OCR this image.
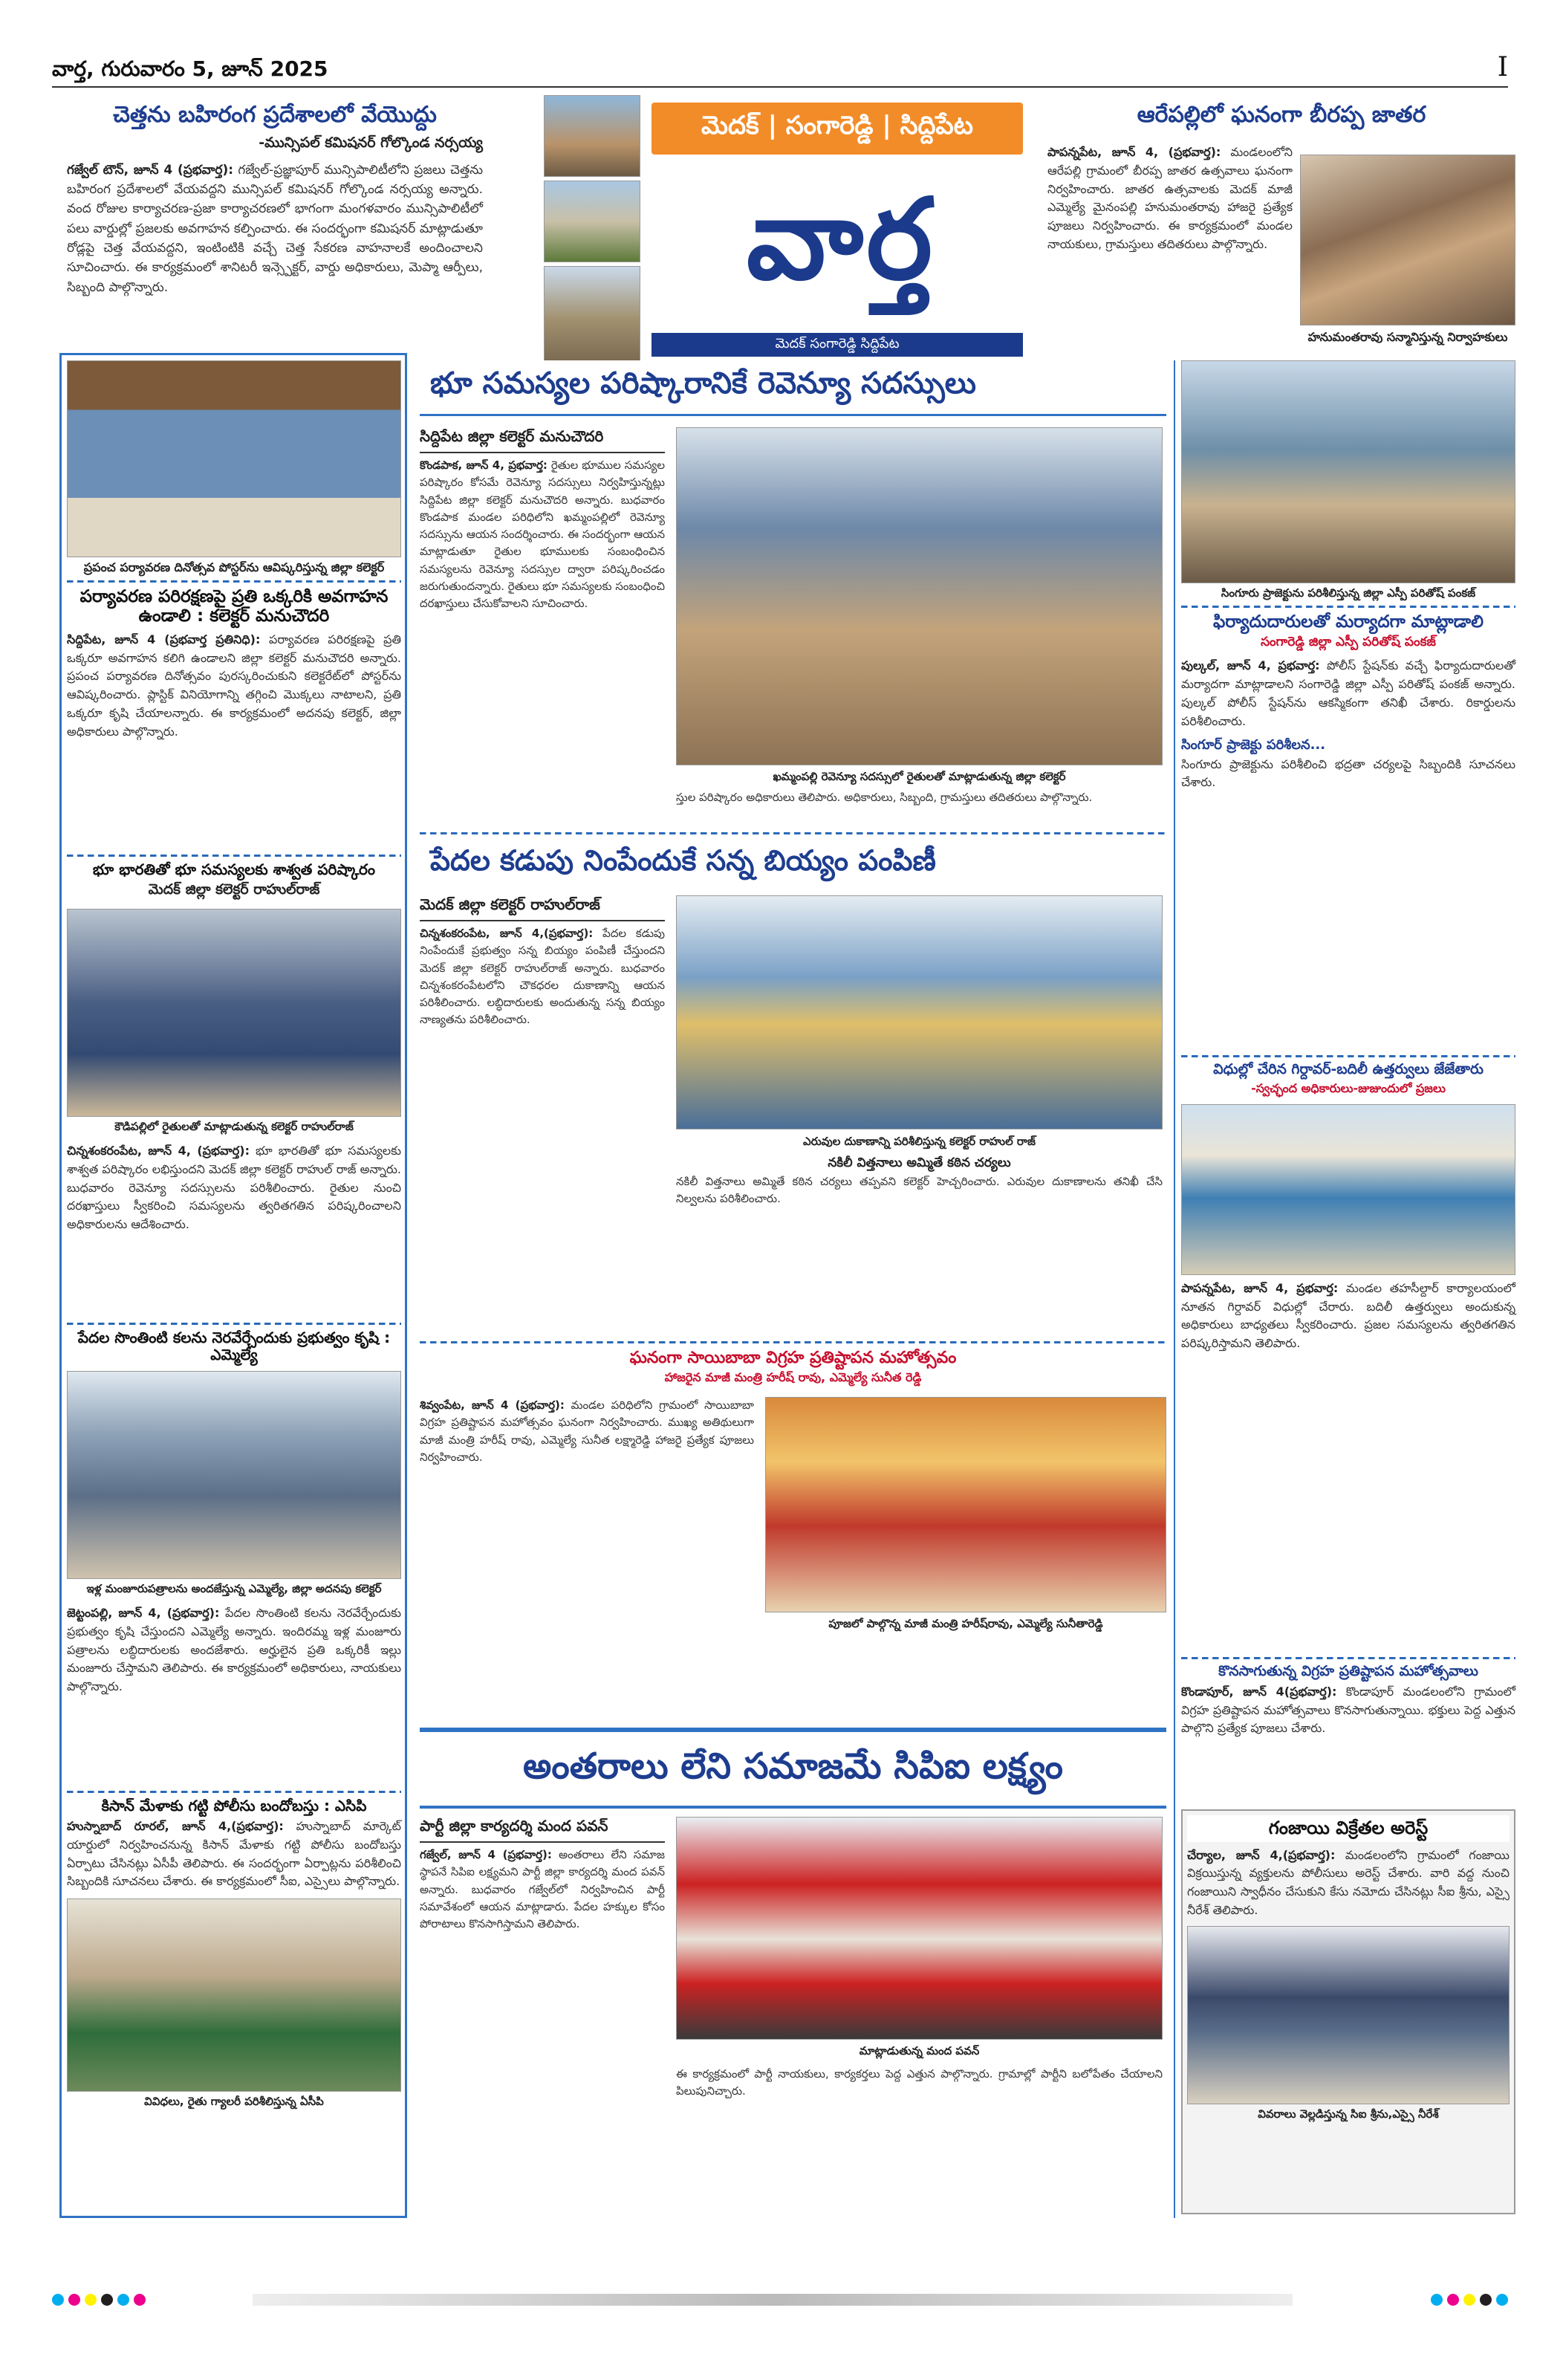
వార్త, గురువారం 5, జూన్ 2025	I
చెత్తను బహిరంగ ప్రదేశాలలో వేయొద్దు
-మున్సిపల్ కమిషనర్ గోల్కొండ నర్సయ్య
గజ్వేల్ టౌన్, జూన్ 4 (ప్రభవార్త): గజ్వేల్-ప్రజ్ఞాపూర్ మున్సిపాలిటీలోని ప్రజలు చెత్తను బహిరంగ ప్రదేశాలలో వేయవద్దని మున్సిపల్ కమిషనర్ గోల్కొండ నర్సయ్య అన్నారు. వంద రోజుల కార్యాచరణ-ప్రజా కార్యాచరణలో భాగంగా మంగళవారం మున్సిపాలిటీలో పలు వార్డుల్లో ప్రజలకు అవగాహన కల్పించారు. ఈ సందర్భంగా కమిషనర్ మాట్లాడుతూ రోడ్లపై చెత్త వేయవద్దని, ఇంటింటికి వచ్చే చెత్త సేకరణ వాహనాలకే అందించాలని సూచించారు. ఈ కార్యక్రమంలో శానిటరీ ఇన్స్పెక్టర్, వార్డు అధికారులు, మెప్మా ఆర్పీలు, సిబ్బంది పాల్గొన్నారు.
మెదక్ | సంగారెడ్డి | సిద్దిపేట
వార్త
మెదక్ సంగారెడ్డి సిద్దిపేట
ఆరేపల్లిలో ఘనంగా బీరప్ప జాతర
పాపన్నపేట, జూన్ 4, (ప్రభవార్త): మండలంలోని ఆరేపల్లి గ్రామంలో బీరప్ప జాతర ఉత్సవాలు ఘనంగా నిర్వహించారు. జాతర ఉత్సవాలకు మెదక్ మాజీ ఎమ్మెల్యే మైనంపల్లి హనుమంతరావు హాజరై ప్రత్యేక పూజలు నిర్వహించారు. ఈ కార్యక్రమంలో మండల నాయకులు, గ్రామస్తులు తదితరులు పాల్గొన్నారు.
హనుమంతరావు సన్మానిస్తున్న నిర్వాహకులు
ప్రపంచ పర్యావరణ దినోత్సవ పోస్టర్‌ను ఆవిష్కరిస్తున్న జిల్లా కలెక్టర్
పర్యావరణ పరిరక్షణపై ప్రతి ఒక్కరికి అవగాహన ఉండాలి : కలెక్టర్ మనుచౌదరి
సిద్దిపేట, జూన్ 4 (ప్రభవార్త ప్రతినిధి): పర్యావరణ పరిరక్షణపై ప్రతి ఒక్కరూ అవగాహన కలిగి ఉండాలని జిల్లా కలెక్టర్ మనుచౌదరి అన్నారు. ప్రపంచ పర్యావరణ దినోత్సవం పురస్కరించుకుని కలెక్టరేట్‌లో పోస్టర్‌ను ఆవిష్కరించారు. ప్లాస్టిక్ వినియోగాన్ని తగ్గించి మొక్కలు నాటాలని, ప్రతి ఒక్కరూ కృషి చేయాలన్నారు. ఈ కార్యక్రమంలో అదనపు కలెక్టర్, జిల్లా అధికారులు పాల్గొన్నారు.
భూ భారతితో భూ సమస్యలకు శాశ్వత పరిష్కారం
మెదక్ జిల్లా కలెక్టర్ రాహుల్‌రాజ్
కౌడిపల్లిలో రైతులతో మాట్లాడుతున్న కలెక్టర్ రాహుల్‌రాజ్
చిన్నశంకరంపేట, జూన్ 4, (ప్రభవార్త): భూ భారతితో భూ సమస్యలకు శాశ్వత పరిష్కారం లభిస్తుందని మెదక్ జిల్లా కలెక్టర్ రాహుల్ రాజ్ అన్నారు. బుధవారం రెవెన్యూ సదస్సులను పరిశీలించారు. రైతుల నుంచి దరఖాస్తులు స్వీకరించి సమస్యలను త్వరితగతిన పరిష్కరించాలని అధికారులను ఆదేశించారు.
పేదల సొంతింటి కలను నెరవేర్చేందుకు ప్రభుత్వం కృషి : ఎమ్మెల్యే
ఇళ్ల మంజూరుపత్రాలను అందజేస్తున్న ఎమ్మెల్యే, జిల్లా అదనపు కలెక్టర్
జెట్టంపల్లి, జూన్ 4, (ప్రభవార్త): పేదల సొంతింటి కలను నెరవేర్చేందుకు ప్రభుత్వం కృషి చేస్తుందని ఎమ్మెల్యే అన్నారు. ఇందిరమ్మ ఇళ్ల మంజూరు పత్రాలను లబ్ధిదారులకు అందజేశారు. అర్హులైన ప్రతి ఒక్కరికీ ఇల్లు మంజూరు చేస్తామని తెలిపారు. ఈ కార్యక్రమంలో అధికారులు, నాయకులు పాల్గొన్నారు.
కిసాన్ మేళాకు గట్టి పోలీసు బందోబస్తు : ఎసిపి
హుస్నాబాద్ రూరల్, జూన్ 4,(ప్రభవార్త): హుస్నాబాద్ మార్కెట్ యార్డులో నిర్వహించనున్న కిసాన్ మేళాకు గట్టి పోలీసు బందోబస్తు ఏర్పాటు చేసినట్లు ఏసీపీ తెలిపారు. ఈ సందర్భంగా ఏర్పాట్లను పరిశీలించి సిబ్బందికి సూచనలు చేశారు. ఈ కార్యక్రమంలో సీఐ, ఎస్సైలు పాల్గొన్నారు.
వివిధలు, రైతు గ్యాలరీ పరిశీలిస్తున్న ఏసీపి
భూ సమస్యల పరిష్కారానికే రెవెన్యూ సదస్సులు
సిద్దిపేట జిల్లా కలెక్టర్ మనుచౌదరి
కొండపాక, జూన్ 4, ప్రభవార్త: రైతుల భూముల సమస్యల పరిష్కారం కోసమే రెవెన్యూ సదస్సులు నిర్వహిస్తున్నట్లు సిద్దిపేట జిల్లా కలెక్టర్ మనుచౌదరి అన్నారు. బుధవారం కొండపాక మండల పరిధిలోని ఖమ్మంపల్లిలో రెవెన్యూ సదస్సును ఆయన సందర్శించారు. ఈ సందర్భంగా ఆయన మాట్లాడుతూ రైతుల భూములకు సంబంధించిన సమస్యలను రెవెన్యూ సదస్సుల ద్వారా పరిష్కరించడం జరుగుతుందన్నారు. రైతులు భూ సమస్యలకు సంబంధించి దరఖాస్తులు చేసుకోవాలని సూచించారు.
ఖమ్మంపల్లి రెవెన్యూ సదస్సులో రైతులతో మాట్లాడుతున్న జిల్లా కలెక్టర్
స్తుల పరిష్కారం అధికారులు తెలిపారు. అధికారులు, సిబ్బంది, గ్రామస్తులు తదితరులు పాల్గొన్నారు.
పేదల కడుపు నింపేందుకే సన్న బియ్యం పంపిణీ
మెదక్ జిల్లా కలెక్టర్ రాహుల్‌రాజ్
చిన్నశంకరంపేట, జూన్ 4,(ప్రభవార్త): పేదల కడుపు నింపేందుకే ప్రభుత్వం సన్న బియ్యం పంపిణీ చేస్తుందని మెదక్ జిల్లా కలెక్టర్ రాహుల్‌రాజ్ అన్నారు. బుధవారం చిన్నశంకరంపేటలోని చౌకధరల దుకాణాన్ని ఆయన పరిశీలించారు. లబ్ధిదారులకు అందుతున్న సన్న బియ్యం నాణ్యతను పరిశీలించారు.
ఎరువుల దుకాణాన్ని పరిశీలిస్తున్న కలెక్టర్ రాహుల్ రాజ్
నకిలీ విత్తనాలు అమ్మితే కఠిన చర్యలు
నకిలీ విత్తనాలు అమ్మితే కఠిన చర్యలు తప్పవని కలెక్టర్ హెచ్చరించారు. ఎరువుల దుకాణాలను తనిఖీ చేసి నిల్వలను పరిశీలించారు.
ఘనంగా సాయిబాబా విగ్రహ ప్రతిష్టాపన మహోత్సవం
హాజరైన మాజీ మంత్రి హరీష్ రావు, ఎమ్మెల్యే సునీత రెడ్డి
శివ్వంపేట, జూన్ 4 (ప్రభవార్త): మండల పరిధిలోని గ్రామంలో సాయిబాబా విగ్రహ ప్రతిష్టాపన మహోత్సవం ఘనంగా నిర్వహించారు. ముఖ్య అతిథులుగా మాజీ మంత్రి హరీష్ రావు, ఎమ్మెల్యే సునీత లక్ష్మారెడ్డి హాజరై ప్రత్యేక పూజలు నిర్వహించారు.
పూజలో పాల్గొన్న మాజీ మంత్రి హరీష్‌రావు, ఎమ్మెల్యే సునీతారెడ్డి
అంతరాలు లేని సమాజమే సిపిఐ లక్ష్యం
పార్టీ జిల్లా కార్యదర్శి మంద పవన్
గజ్వేల్, జూన్ 4 (ప్రభవార్త): అంతరాలు లేని సమాజ స్థాపనే సిపిఐ లక్ష్యమని పార్టీ జిల్లా కార్యదర్శి మంద పవన్ అన్నారు. బుధవారం గజ్వేల్‌లో నిర్వహించిన పార్టీ సమావేశంలో ఆయన మాట్లాడారు. పేదల హక్కుల కోసం పోరాటాలు కొనసాగిస్తామని తెలిపారు.
మాట్లాడుతున్న మంద పవన్
ఈ కార్యక్రమంలో పార్టీ నాయకులు, కార్యకర్తలు పెద్ద ఎత్తున పాల్గొన్నారు. గ్రామాల్లో పార్టీని బలోపేతం చేయాలని పిలుపునిచ్చారు.
సింగూరు ప్రాజెక్టును పరిశీలిస్తున్న జిల్లా ఎస్పీ పరితోష్ పంకజ్
ఫిర్యాదుదారులతో మర్యాదగా మాట్లాడాలి
సంగారెడ్డి జిల్లా ఎస్పీ పరితోష్ పంకజ్
పుల్కల్, జూన్ 4, ప్రభవార్త: పోలీస్ స్టేషన్‌కు వచ్చే ఫిర్యాదుదారులతో మర్యాదగా మాట్లాడాలని సంగారెడ్డి జిల్లా ఎస్పీ పరితోష్ పంకజ్ అన్నారు. పుల్కల్ పోలీస్ స్టేషన్‌ను ఆకస్మికంగా తనిఖీ చేశారు. రికార్డులను పరిశీలించారు.
సింగూర్ ప్రాజెక్టు పరిశీలన...
సింగూరు ప్రాజెక్టును పరిశీలించి భద్రతా చర్యలపై సిబ్బందికి సూచనలు చేశారు.
విధుల్లో చేరిన గిర్దావర్-బదిలీ ఉత్తర్వులు జేజేతారు
-స్వచ్ఛంద అధికారులు-జుజుందులో ప్రజలు
పాపన్నపేట, జూన్ 4, ప్రభవార్త: మండల తహసీల్దార్ కార్యాలయంలో నూతన గిర్దావర్ విధుల్లో చేరారు. బదిలీ ఉత్తర్వులు అందుకున్న అధికారులు బాధ్యతలు స్వీకరించారు. ప్రజల సమస్యలను త్వరితగతిన పరిష్కరిస్తామని తెలిపారు.
కొనసాగుతున్న విగ్రహ ప్రతిష్టాపన మహోత్సవాలు
కొండాపూర్, జూన్ 4(ప్రభవార్త): కొండాపూర్ మండలంలోని గ్రామంలో విగ్రహ ప్రతిష్టాపన మహోత్సవాలు కొనసాగుతున్నాయి. భక్తులు పెద్ద ఎత్తున పాల్గొని ప్రత్యేక పూజలు చేశారు.
గంజాయి విక్రేతల అరెస్ట్
చేర్యాల, జూన్ 4,(ప్రభవార్త): మండలంలోని గ్రామంలో గంజాయి విక్రయిస్తున్న వ్యక్తులను పోలీసులు అరెస్ట్ చేశారు. వారి వద్ద నుంచి గంజాయిని స్వాధీనం చేసుకుని కేసు నమోదు చేసినట్లు సీఐ శ్రీను, ఎస్సై నీరేశ్ తెలిపారు.
వివరాలు వెల్లడిస్తున్న సిఐ శ్రీను,ఎస్సై నీరేశ్
